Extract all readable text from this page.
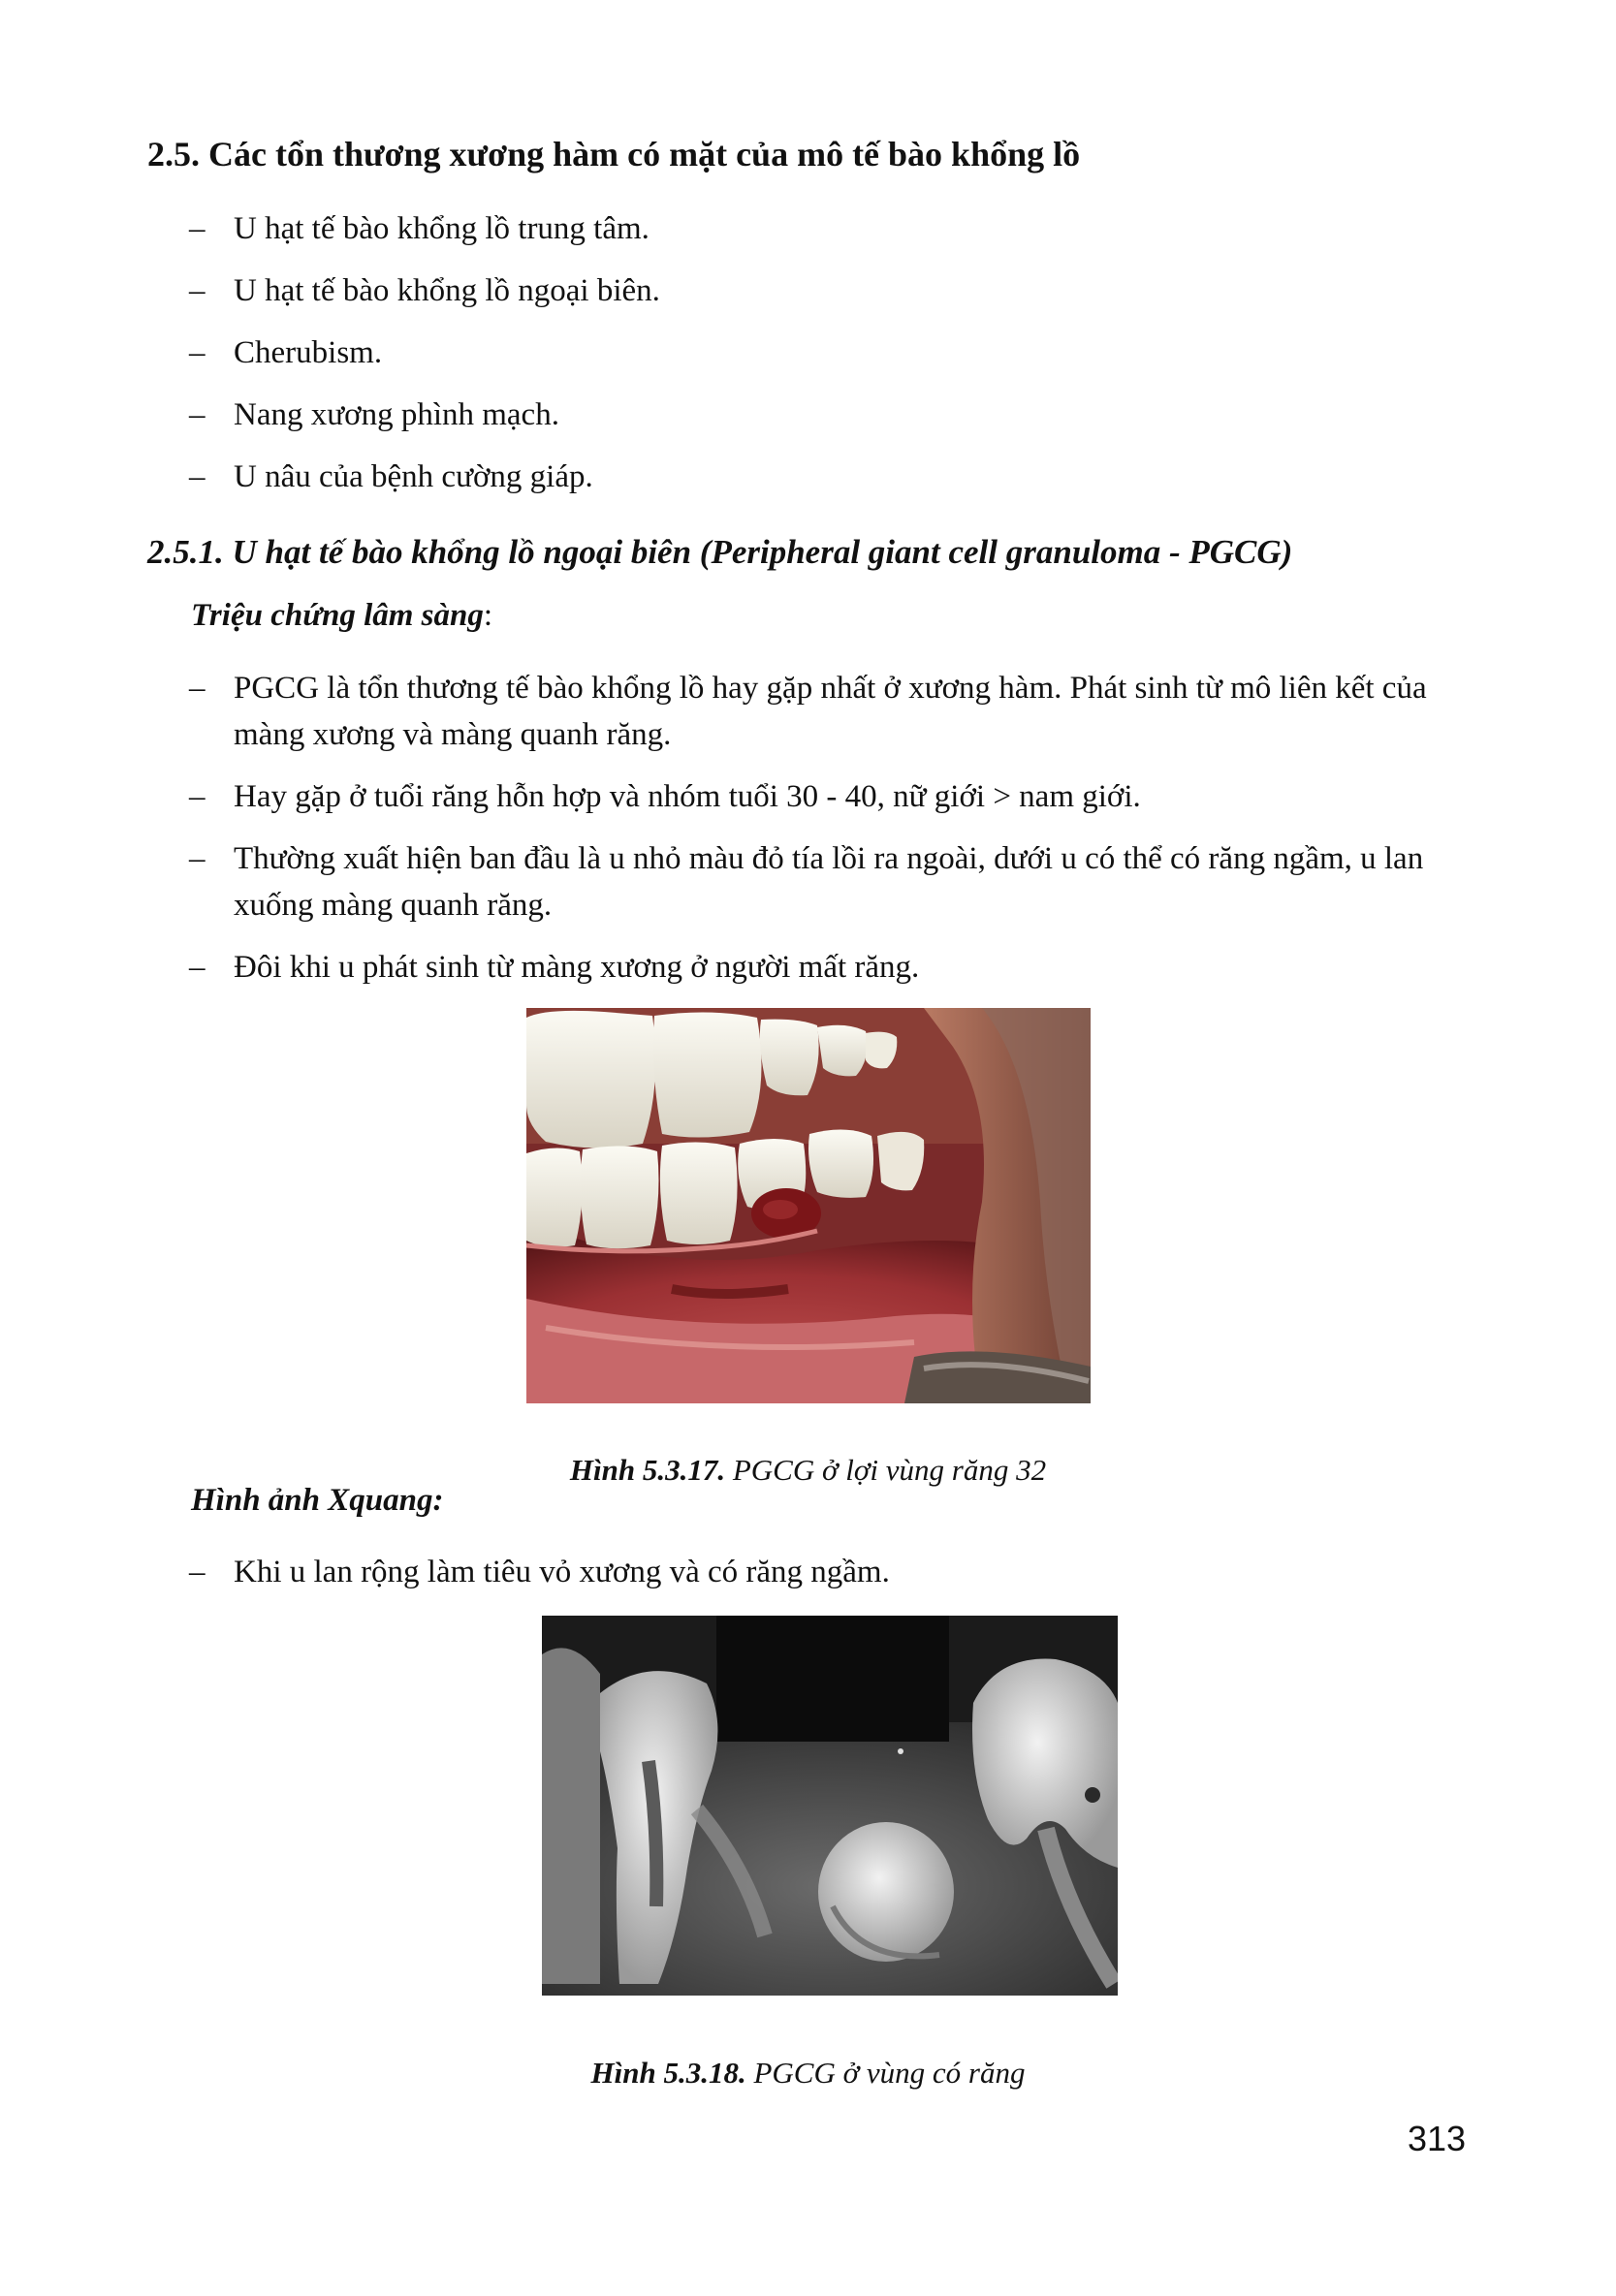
2.5. Các tổn thương xương hàm có mặt của mô tế bào khổng lồ
– U hạt tế bào khổng lồ trung tâm.
– U hạt tế bào khổng lồ ngoại biên.
– Cherubism.
– Nang xương phình mạch.
– U nâu của bệnh cường giáp.
2.5.1. U hạt tế bào khổng lồ ngoại biên (Peripheral giant cell granuloma - PGCG)

Triệu chứng lâm sàng:

– PGCG là tổn thương tế bào khổng lồ hay gặp nhất ở xương hàm. Phát sinh từ mô liên kết của màng xương và màng quanh răng.
– Hay gặp ở tuổi răng hỗn hợp và nhóm tuổi 30 - 40, nữ giới > nam giới.
– Thường xuất hiện ban đầu là u nhỏ màu đỏ tía lồi ra ngoài, dưới u có thể có răng ngầm, u lan xuống màng quanh răng.
– Đôi khi u phát sinh từ màng xương ở người mất răng.

Hình 5.3.17. PGCG ở lợi vùng răng 32

Hình ảnh Xquang:

– Khi u lan rộng làm tiêu vỏ xương và có răng ngầm.

Hình 5.3.18. PGCG ở vùng có răng

313
